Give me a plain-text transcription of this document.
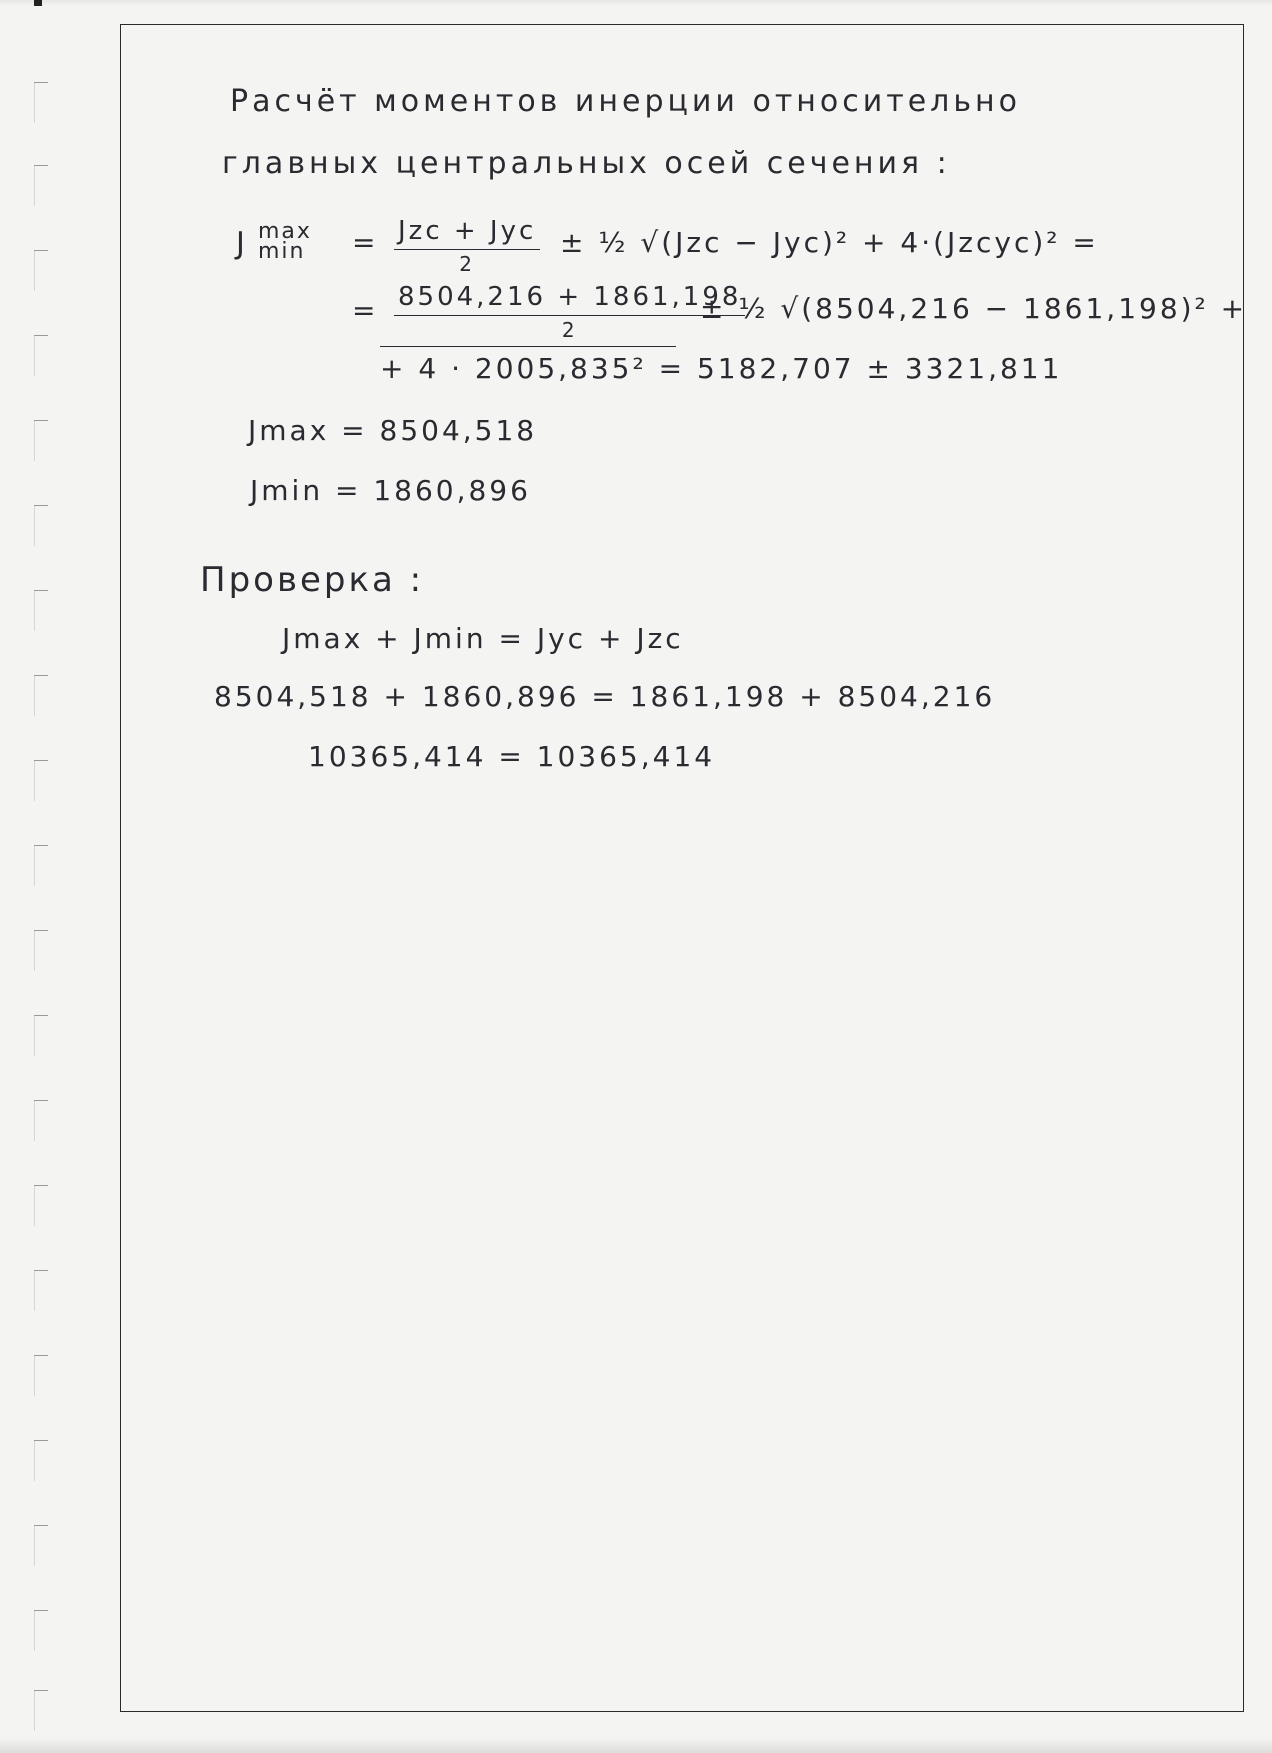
Расчёт моментов инерции относительно

главных центральных осей сечения :

J max
min = Jzc + Jyc
2
± ½ √(Jzc − Jyc)² + 4·(Jzcyc)² =
= 8504,216 + 1861,198
2
± ½ √(8504,216 − 1861,198)² +

+ 4 · 2005,835² = 5182,707 ± 3321,811

Jmax = 8504,518

Jmin = 1860,896

Проверка :

Jmax + Jmin = Jyc + Jzc

8504,518 + 1860,896 = 1861,198 + 8504,216

10365,414 = 10365,414
